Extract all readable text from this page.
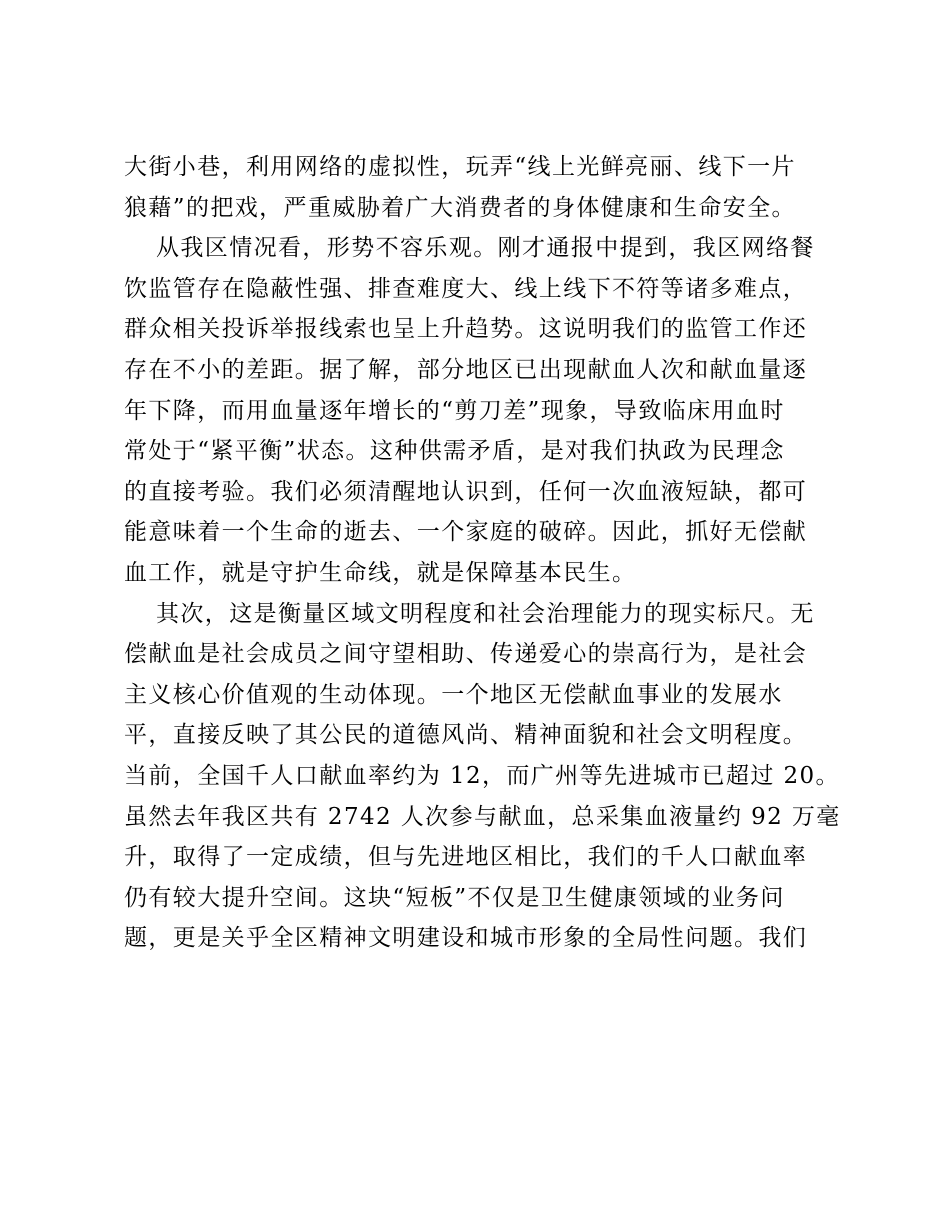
大街小巷，利用网络的虚拟性，玩弄“线上光鲜亮丽、线下一片
狼藉”的把戏，严重威胁着广大消费者的身体健康和生命安全。
从我区情况看，形势不容乐观。刚才通报中提到，我区网络餐
饮监管存在隐蔽性强、排查难度大、线上线下不符等诸多难点，
群众相关投诉举报线索也呈上升趋势。这说明我们的监管工作还
存在不小的差距。据了解，部分地区已出现献血人次和献血量逐
年下降，而用血量逐年增长的“剪刀差”现象，导致临床用血时
常处于“紧平衡”状态。这种供需矛盾，是对我们执政为民理念
的直接考验。我们必须清醒地认识到，任何一次血液短缺，都可
能意味着一个生命的逝去、一个家庭的破碎。因此，抓好无偿献
血工作，就是守护生命线，就是保障基本民生。
其次，这是衡量区域文明程度和社会治理能力的现实标尺。无
偿献血是社会成员之间守望相助、传递爱心的崇高行为，是社会
主义核心价值观的生动体现。一个地区无偿献血事业的发展水
平，直接反映了其公民的道德风尚、精神面貌和社会文明程度。
当前，全国千人口献血率约为 12，而广州等先进城市已超过 20。
虽然去年我区共有 2742 人次参与献血，总采集血液量约 92 万毫
升，取得了一定成绩，但与先进地区相比，我们的千人口献血率
仍有较大提升空间。这块“短板”不仅是卫生健康领域的业务问
题，更是关乎全区精神文明建设和城市形象的全局性问题。我们
